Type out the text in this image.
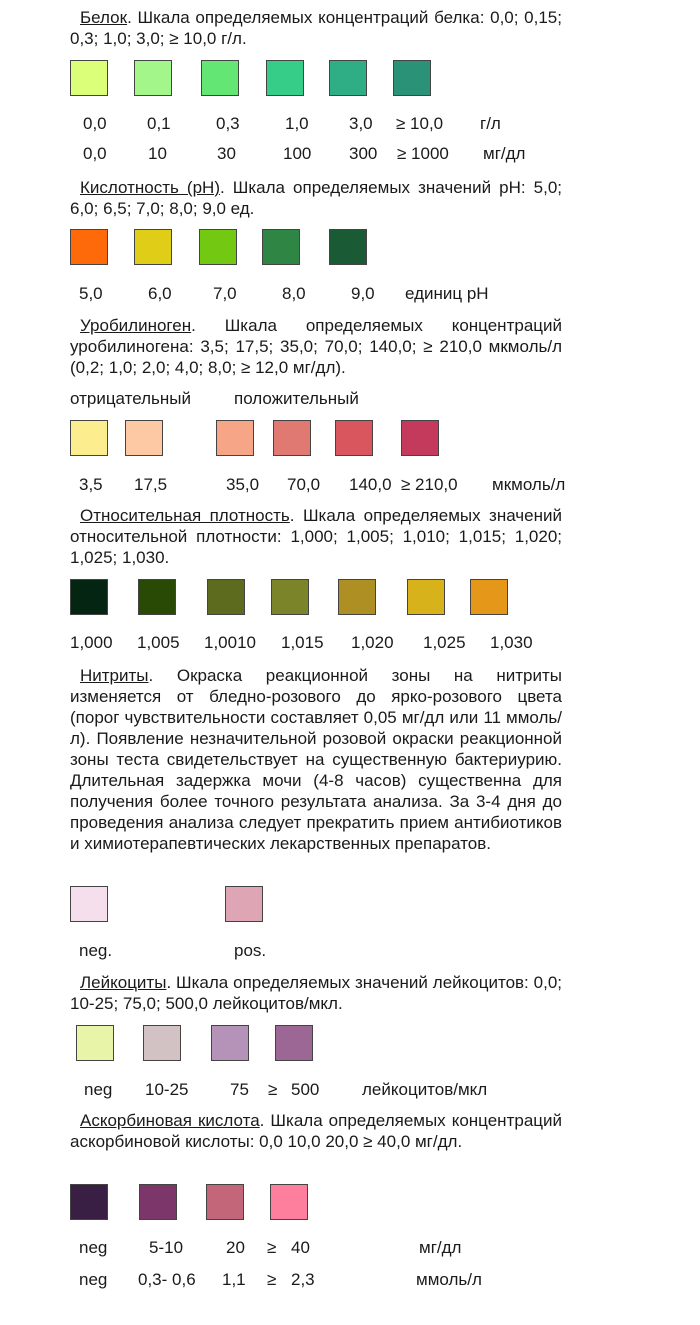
Белок. Шкала определяемых концентраций белка: 0,0; 0,15; 0,3; 1,0; 3,0; ≥ 10,0 г/л.

0,0 0,1	0,3	1,0 3,0 ≥ 10,0 г/л
0,0 10	30	100 300 ≥ 1000 мг/дл

Кислотность (pH). Шкала определяемых значений pH: 5,0; 6,0; 6,5; 7,0; 8,0; 9,0 ед.

5,0	6,0 7,0	8,0	9,0 единиц pH

Уробилиноген. Шкала определяемых концентраций уробилиногена: 3,5; 17,5; 35,0; 70,0; 140,0; ≥ 210,0 мкмоль/л (0,2; 1,0; 2,0; 4,0; 8,0; ≥ 12,0 мг/дл).

отрицательный	положительный
3,5 17,5	35,0 70,0 140,0 ≥ 210,0 мкмоль/л

Относительная плотность. Шкала определяемых значений относительной плотности: 1,000; 1,005; 1,010; 1,015; 1,020; 1,025; 1,030.

1,000 1,005 1,0010 1,015 1,020 1,025 1,030

Нитриты. Окраска реакционной зоны на нитриты изменяется от бледно-розового до ярко-розового цвета (порог чувствительности составляет 0,05 мг/дл или 11 ммоль/л). Появление незначительной розовой окраски реакционной зоны теста свидетельствует на существенную бактериурию. Длительная задержка мочи (4-8 часов) существенна для получения более точного результата анализа. За 3-4 дня до проведения анализа следует прекратить прием антибиотиков и химиотерапевтических лекарственных препаратов.

neg.	pos.

Лейкоциты. Шкала определяемых значений лейкоцитов: 0,0; 10-25; 75,0; 500,0 лейкоцитов/мкл.

neg 10-25 75 ≥ 500	лейкоцитов/мкл

Аскорбиновая кислота. Шкала определяемых концентраций аскорбиновой кислоты: 0,0 10,0 20,0 ≥ 40,0 мг/дл.

neg 5-10	20 ≥ 40	мг/дл
neg 0,3- 0,6 1,1 ≥ 2,3	ммоль/л
